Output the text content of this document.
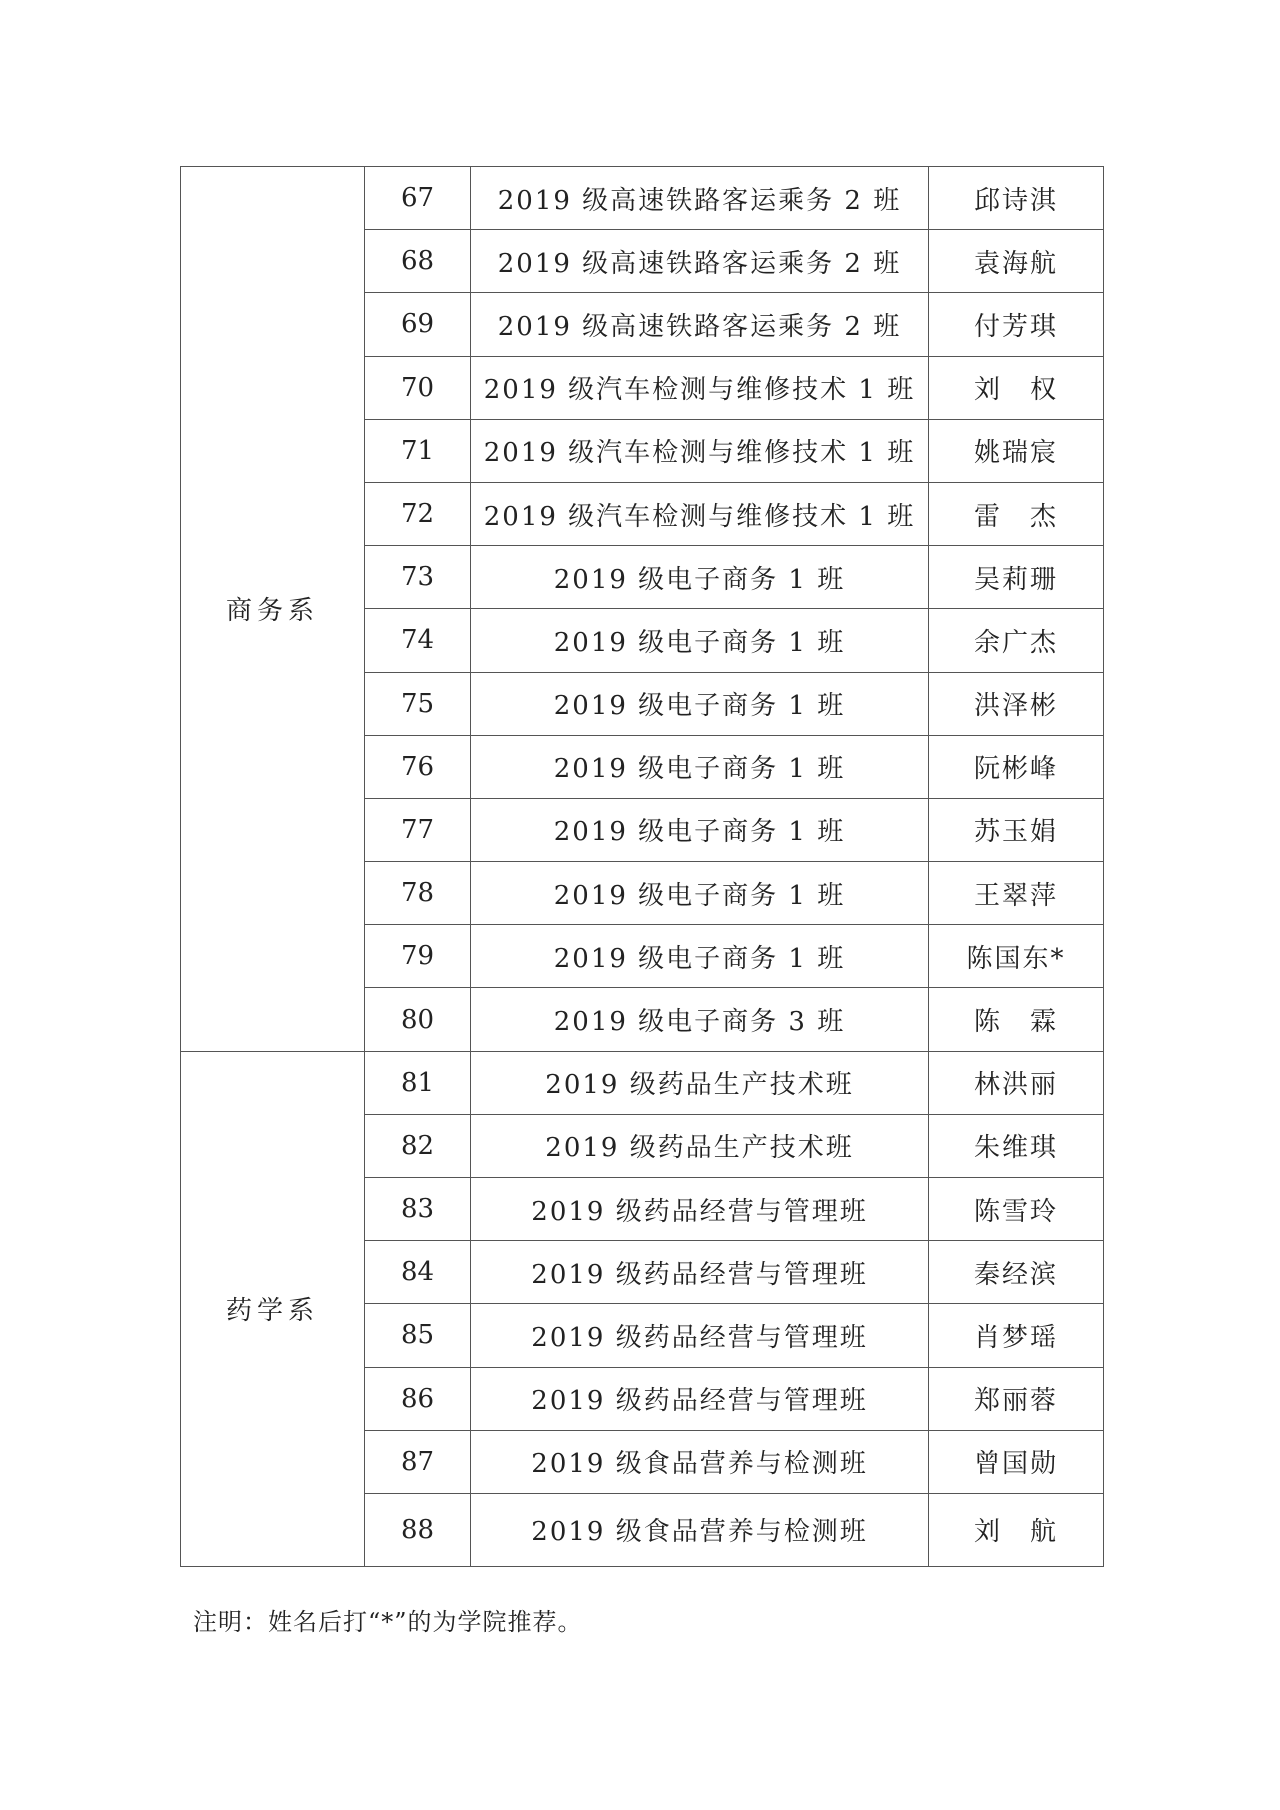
商务系	67	2019 级高速铁路客运乘务 2 班	邱诗淇
	68	2019 级高速铁路客运乘务 2 班	袁海航
	69	2019 级高速铁路客运乘务 2 班	付芳琪
	70	2019 级汽车检测与维修技术 1 班	刘　权
	71	2019 级汽车检测与维修技术 1 班	姚瑞宸
	72	2019 级汽车检测与维修技术 1 班	雷　杰
	73	2019 级电子商务 1 班	吴莉珊
	74	2019 级电子商务 1 班	余广杰
	75	2019 级电子商务 1 班	洪泽彬
	76	2019 级电子商务 1 班	阮彬峰
	77	2019 级电子商务 1 班	苏玉娟
	78	2019 级电子商务 1 班	王翠萍
	79	2019 级电子商务 1 班	陈国东*
	80	2019 级电子商务 3 班	陈　霖
药学系	81	2019 级药品生产技术班	林洪丽
	82	2019 级药品生产技术班	朱维琪
	83	2019 级药品经营与管理班	陈雪玲
	84	2019 级药品经营与管理班	秦经滨
	85	2019 级药品经营与管理班	肖梦瑶
	86	2019 级药品经营与管理班	郑丽蓉
	87	2019 级食品营养与检测班	曾国勋
	88	2019 级食品营养与检测班	刘　航
注明：姓名后打“*”的为学院推荐。
